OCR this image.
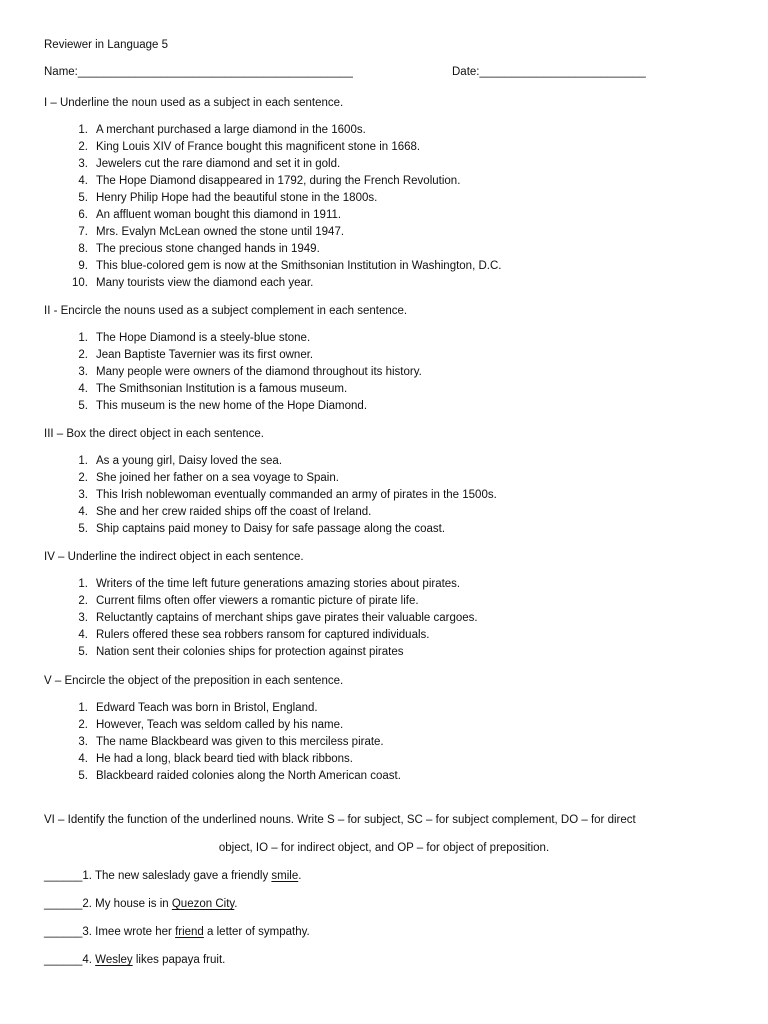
Reviewer in Language 5
Name:___________________________________________	Date:__________________________
I – Underline the noun used as a subject in each sentence.
1. A merchant purchased a large diamond in the 1600s.
2. King Louis XIV of France bought this magnificent stone in 1668.
3. Jewelers cut the rare diamond and set it in gold.
4. The Hope Diamond disappeared in 1792, during the French Revolution.
5. Henry Philip Hope had the beautiful stone in the 1800s.
6. An affluent woman bought this diamond in 1911.
7. Mrs. Evalyn McLean owned the stone until 1947.
8. The precious stone changed hands in 1949.
9. This blue-colored gem is now at the Smithsonian Institution in Washington, D.C.
10. Many tourists view the diamond each year.
II - Encircle the nouns used as a subject complement in each sentence.
1. The Hope Diamond is a steely-blue stone.
2. Jean Baptiste Tavernier was its first owner.
3. Many people were owners of the diamond throughout its history.
4. The Smithsonian Institution is a famous museum.
5. This museum is the new home of the Hope Diamond.
III – Box the direct object in each sentence.
1. As a young girl, Daisy loved the sea.
2. She joined her father on a sea voyage to Spain.
3. This Irish noblewoman eventually commanded an army of pirates in the 1500s.
4. She and her crew raided ships off the coast of Ireland.
5. Ship captains paid money to Daisy for safe passage along the coast.
IV – Underline the indirect object in each sentence.
1. Writers of the time left future generations amazing stories about pirates.
2. Current films often offer viewers a romantic picture of pirate life.
3. Reluctantly captains of merchant ships gave pirates their valuable cargoes.
4. Rulers offered these sea robbers ransom for captured individuals.
5. Nation sent their colonies ships for protection against pirates
V – Encircle the object of the preposition in each sentence.
1. Edward Teach was born in Bristol, England.
2. However, Teach was seldom called by his name.
3. The name Blackbeard was given to this merciless pirate.
4. He had a long, black beard tied with black ribbons.
5. Blackbeard raided colonies along the North American coast.
VI – Identify the function of the underlined nouns. Write S – for subject, SC – for subject complement, DO – for direct
object, IO – for indirect object, and OP – for object of preposition.
______1. The new saleslady gave a friendly smile.
______2. My house is in Quezon City.
______3. Imee wrote her friend a letter of sympathy.
______4. Wesley likes papaya fruit.
